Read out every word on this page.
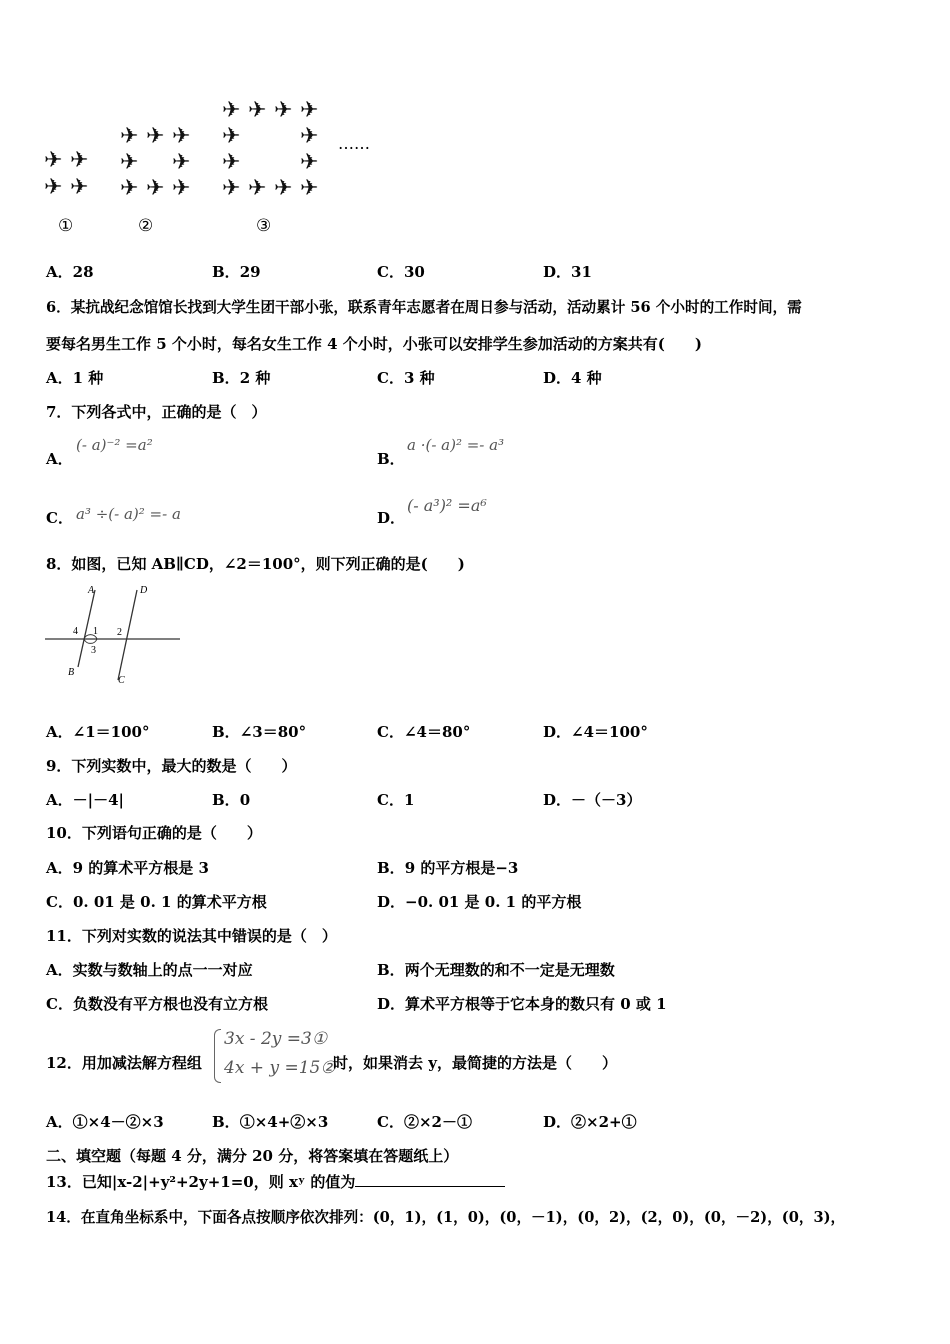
✈ ✈
✈ ✈
①
✈ ✈ ✈
✈ ✈
✈ ✈ ✈
②
✈ ✈ ✈ ✈
✈	✈
✈	✈
✈ ✈ ✈ ✈
③
……
A．28	B．29	C．30	D．31
6．某抗战纪念馆馆长找到大学生团干部小张，联系青年志愿者在周日参与活动，活动累计 56 个小时的工作时间，需
要每名男生工作 5 个小时，每名女生工作 4 个小时，小张可以安排学生参加活动的方案共有(　　)
A．1 种	B．2 种	C．3 种	D．4 种
7．下列各式中，正确的是（　）
A．
(- a)⁻² =a²
B．
a ·(- a)² =- a³
C． a³ ÷(- a)² =- a	D．
(- a³)² =a⁶
8．如图，已知 AB∥CD，∠2＝100°，则下列正确的是(　　)
A
B
C
D
1 2
3
4
A．∠1＝100°	B．∠3＝80°	C．∠4＝80°	D．∠4＝100°
9．下列实数中，最大的数是（　　）
A．－|－4|	B．0	C．1	D．－（－3）
10．下列语句正确的是（　　）
A．9 的算术平方根是 3	B．9 的平方根是−3
C．0. 01 是 0. 1 的算术平方根	D．−0. 01 是 0. 1 的平方根
11．下列对实数的说法其中错误的是（　）
A．实数与数轴上的点一一对应	B．两个无理数的和不一定是无理数
C．负数没有平方根也没有立方根	D．算术平方根等于它本身的数只有 0 或 1
12．用加减法解方程组
3x - 2y =3①
4x + y =15②
时，如果消去 y，最简捷的方法是（　　）
A．①×4－②×3	B．①×4+②×3	C．②×2－①	D．②×2+①
二、填空题（每题 4 分，满分 20 分，将答案填在答题纸上）
13．已知|x-2|+y²+2y+1=0，则 xʸ 的值为
14．在直角坐标系中，下面各点按顺序依次排列：(0，1)，(1，0)，(0，－1)，(0，2)，(2，0)，(0，－2)，(0，3)，
